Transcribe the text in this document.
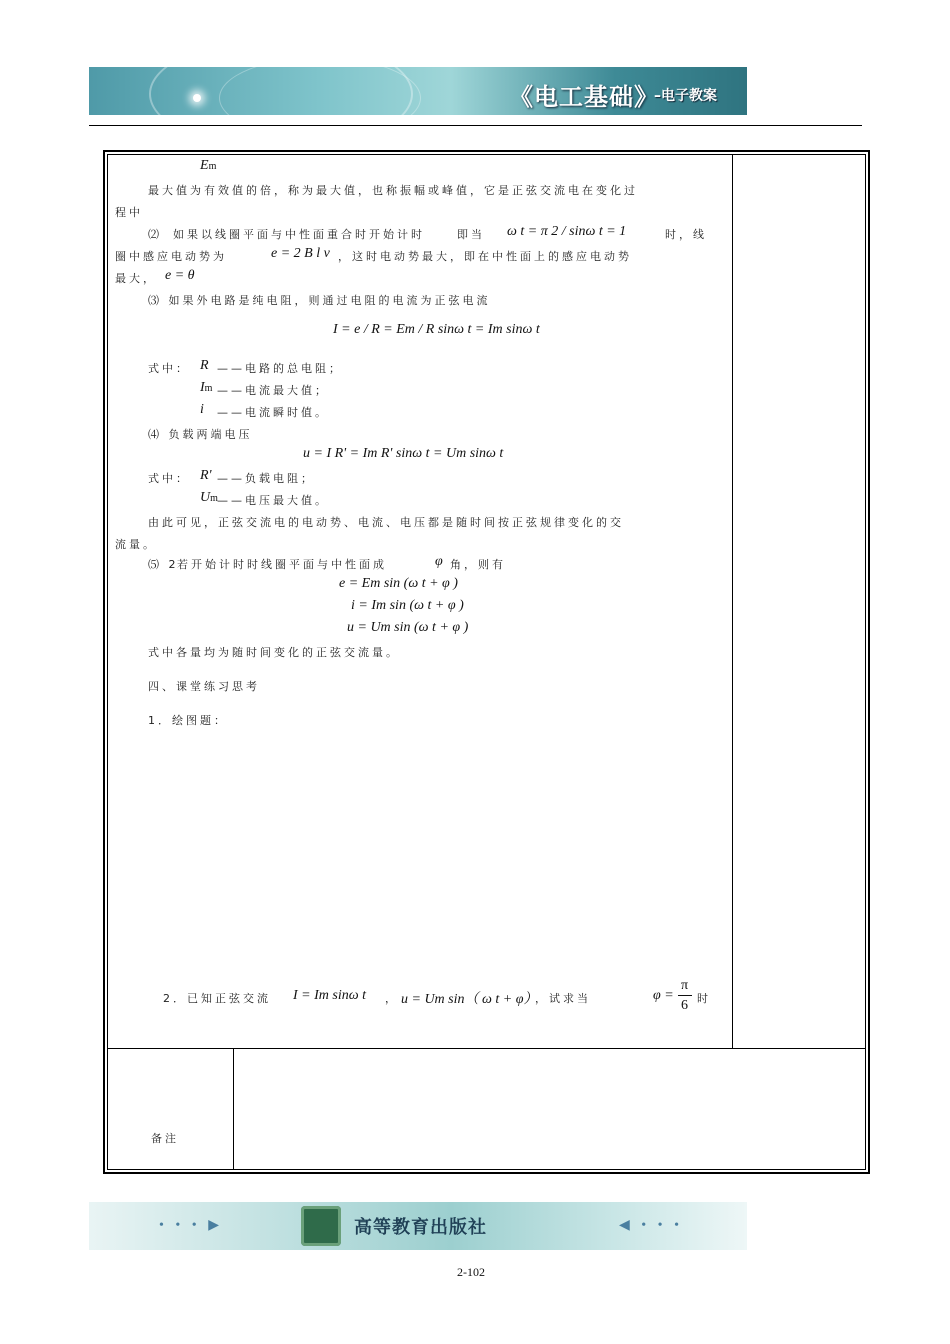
《电工基础》
–电子教案
Em
最大值为有效值的倍，称为最大值，也称振幅或峰值，它是正弦交流电在变化过
程中
⑵ 如果以线圈平面与中性面重合时开始计时	即当 ω t = π 2 / sinω t = 1	时，线
圈中感应电动势为	e = 2 B l v ，这时电动势最大，即在中性面上的感应电动势
最大， e = θ
⑶ 如果外电路是纯电阻，则通过电阻的电流为正弦电流
I = e / R = Em / R sinω t = Im sinω t
式中： R ——电路的总电阻；
Im ——电流最大值；
i ——电流瞬时值。
⑷ 负载两端电压
u = I R' = Im R' sinω t = Um sinω t
式中： R' ——负载电阻；
Um ——电压最大值。
由此可见，正弦交流电的电动势、电流、电压都是随时间按正弦规律变化的交
流量。
⑸ 2
若开始计时时线圈平面与中性面成	φ 角，则有
e = Em sin (ω t + φ )
i = Im sin (ω t + φ )
u = Um sin (ω t + φ )
式中各量均为随时间变化的正弦交流量。
四、课堂练习思考
1．绘图题：
2．已知正弦交流 I = Im sinω t ， u = Um sin（ ω t + φ）
，试求当	φ =
π
6 时
备注
• • • ▶	高等教育出版社	◀ • • •
2-102
